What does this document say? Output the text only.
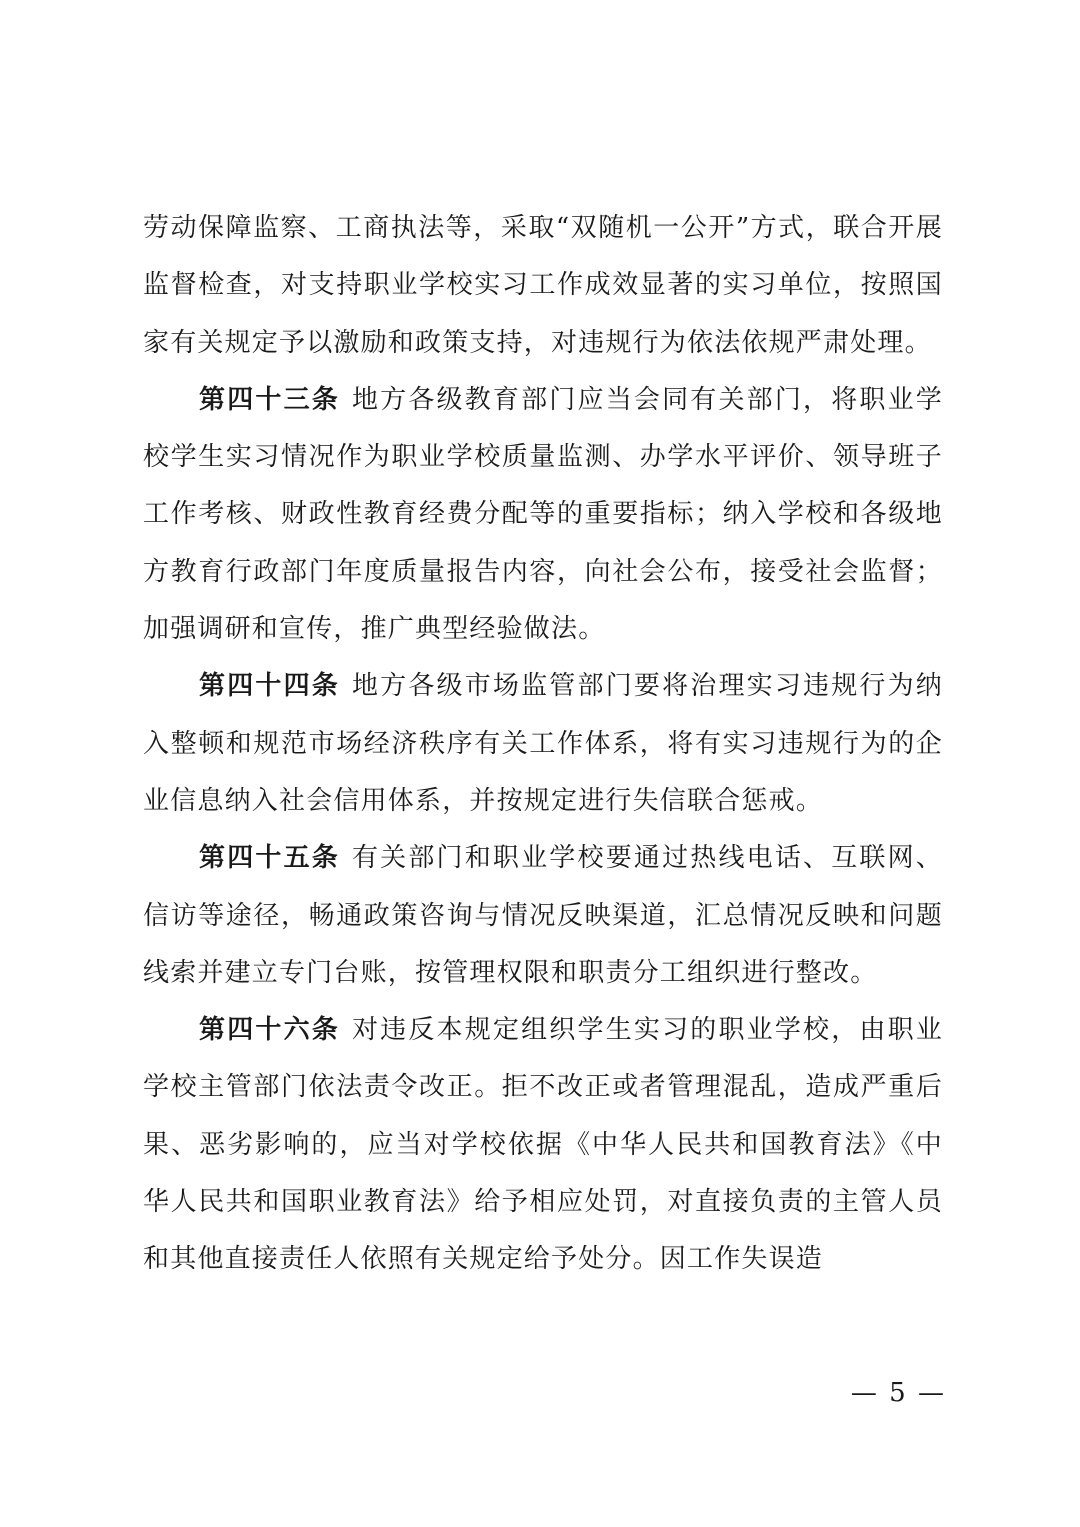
劳动保障监察、工商执法等，采取“双随机一公开”方式，联合开展监督检查，对支持职业学校实习工作成效显著的实习单位，按照国家有关规定予以激励和政策支持，对违规行为依法依规严肃处理。

第四十三条 地方各级教育部门应当会同有关部门，将职业学校学生实习情况作为职业学校质量监测、办学水平评价、领导班子工作考核、财政性教育经费分配等的重要指标；纳入学校和各级地方教育行政部门年度质量报告内容，向社会公布，接受社会监督；加强调研和宣传，推广典型经验做法。

第四十四条 地方各级市场监管部门要将治理实习违规行为纳入整顿和规范市场经济秩序有关工作体系，将有实习违规行为的企业信息纳入社会信用体系，并按规定进行失信联合惩戒。

第四十五条 有关部门和职业学校要通过热线电话、互联网、信访等途径，畅通政策咨询与情况反映渠道，汇总情况反映和问题线索并建立专门台账，按管理权限和职责分工组织进行整改。

第四十六条 对违反本规定组织学生实习的职业学校，由职业学校主管部门依法责令改正。拒不改正或者管理混乱，造成严重后果、恶劣影响的，应当对学校依据《中华人民共和国教育法》《中华人民共和国职业教育法》给予相应处罚，对直接负责的主管人员和其他直接责任人依照有关规定给予处分。因工作失误造

— 5 —
